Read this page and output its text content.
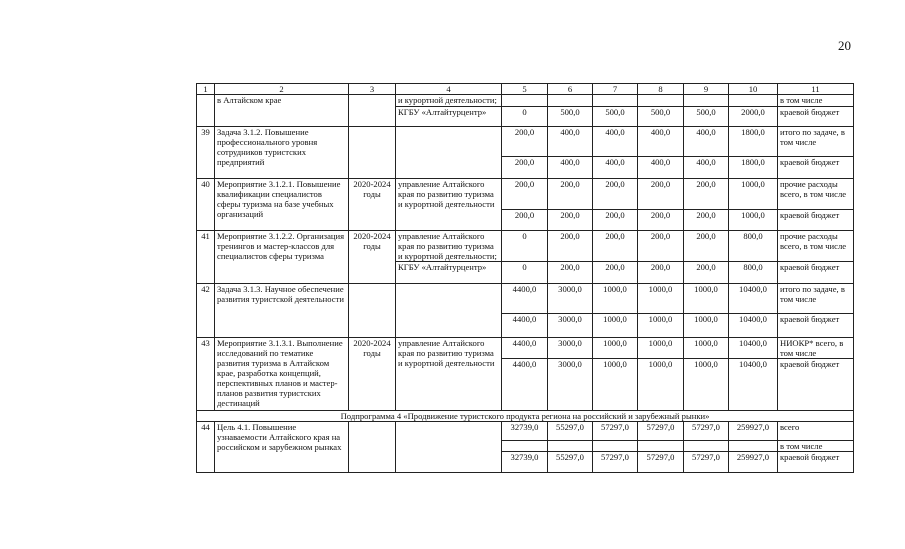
20
1	2	3	4	5	6	7	8	9	10	11
	в Алтайском крае		и курортной деятельности;							в том числе
			КГБУ «Алтайтурцентр»	0	500,0	500,0	500,0	500,0	2000,0	краевой бюджет
39	Задача 3.1.2. Повышение профессионального уровня сотрудников туристских предприятий			200,0	400,0	400,0	400,0	400,0	1800,0	итого по задаче, в том числе
				200,0	400,0	400,0	400,0	400,0	1800,0	краевой бюджет
40	Мероприятие 3.1.2.1. Повышение квалификации специалистов сферы туризма на базе учебных организаций	2020-2024 годы	управление Алтайского края по развитию туризма и курортной деятельности	200,0	200,0	200,0	200,0	200,0	1000,0	прочие расходы всего, в том числе
				200,0	200,0	200,0	200,0	200,0	1000,0	краевой бюджет
41	Мероприятие 3.1.2.2. Организация тренингов и мастер-классов для специалистов сферы туризма	2020-2024 годы	управление Алтайского края по развитию туризма и курортной деятельности;	0	200,0	200,0	200,0	200,0	800,0	прочие расходы всего, в том числе
			КГБУ «Алтайтурцентр»	0	200,0	200,0	200,0	200,0	800,0	краевой бюджет
42	Задача 3.1.3. Научное обеспечение развития туристской деятельности			4400,0	3000,0	1000,0	1000,0	1000,0	10400,0	итого по задаче, в том числе
				4400,0	3000,0	1000,0	1000,0	1000,0	10400,0	краевой бюджет
43	Мероприятие 3.1.3.1. Выполнение исследований по тематике развития туризма в Алтайском крае, разработка концепций, перспективных планов и мастер-планов развития туристских дестинаций	2020-2024 годы	управление Алтайского края по развитию туризма и курортной деятельности	4400,0	3000,0	1000,0	1000,0	1000,0	10400,0	НИОКР* всего, в том числе
				4400,0	3000,0	1000,0	1000,0	1000,0	10400,0	краевой бюджет
Подпрограмма 4 «Продвижение туристского продукта региона на российский и зарубежный рынки»										
44	Цель 4.1. Повышение узнаваемости Алтайского края на российском и зарубежном рынках			32739,0	55297,0	57297,0	57297,0	57297,0	259927,0	всего
										в том числе
				32739,0	55297,0	57297,0	57297,0	57297,0	259927,0	краевой бюджет
